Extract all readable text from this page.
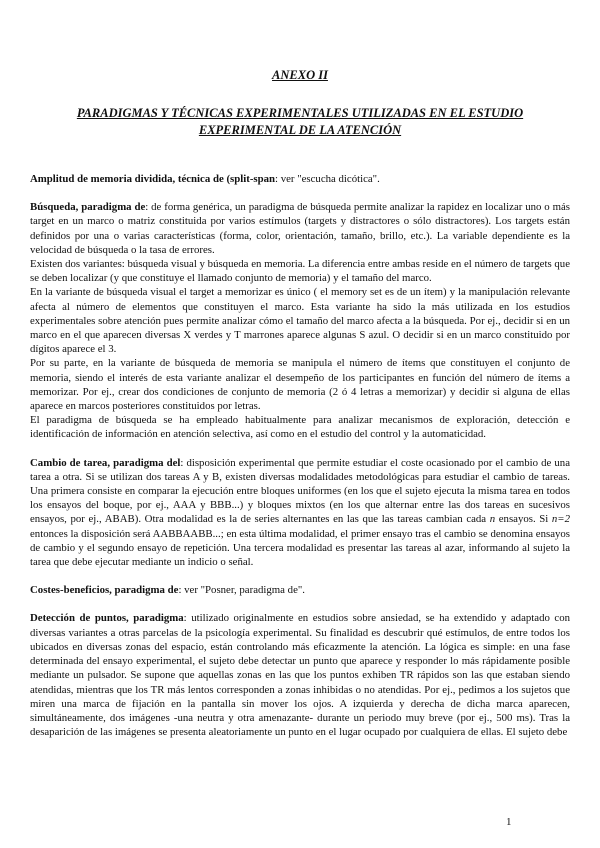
ANEXO II
PARADIGMAS Y TÉCNICAS EXPERIMENTALES UTILIZADAS EN EL ESTUDIO EXPERIMENTAL DE LA ATENCIÓN

Amplitud de memoria dividida, técnica de (split-span: ver "escucha dicótica".

Búsqueda, paradigma de: de forma genérica, un paradigma de búsqueda permite analizar la rapidez en localizar uno o más target en un marco o matriz constituida por varios estímulos (targets y distractores o sólo distractores). Los targets están definidos por una o varias características (forma, color, orientación, tamaño, brillo, etc.). La variable dependiente es la velocidad de búsqueda o la tasa de errores.

Existen dos variantes: búsqueda visual y búsqueda en memoria. La diferencia entre ambas reside en el número de targets que se deben localizar (y que constituye el llamado conjunto de memoria) y el tamaño del marco.

En la variante de búsqueda visual el target a memorizar es único ( el memory set es de un ítem) y la manipulación relevante afecta al número de elementos que constituyen el marco. Esta variante ha sido la más utilizada en los estudios experimentales sobre atención pues permite analizar cómo el tamaño del marco afecta a la búsqueda. Por ej., decidir si en un marco en el que aparecen diversas X verdes y T marrones aparece algunas S azul. O decidir si en un marco constituido por dígitos aparece el 3.

Por su parte, en la variante de búsqueda de memoria se manipula el número de ítems que constituyen el conjunto de memoria, siendo el interés de esta variante analizar el desempeño de los participantes en función del número de ítems a memorizar. Por ej., crear dos condiciones de conjunto de memoria (2 ó 4 letras a memorizar) y decidir si alguna de ellas aparece en marcos posteriores constituidos por letras.

El paradigma de búsqueda se ha empleado habitualmente para analizar mecanismos de exploración, detección e identificación de información en atención selectiva, así como en el estudio del control y la automaticidad.

Cambio de tarea, paradigma del: disposición experimental que permite estudiar el coste ocasionado por el cambio de una tarea a otra. Si se utilizan dos tareas A y B, existen diversas modalidades metodológicas para estudiar el cambio de tareas. Una primera consiste en comparar la ejecución entre bloques uniformes (en los que el sujeto ejecuta la misma tarea en todos los ensayos del boque, por ej., AAA y BBB...) y bloques mixtos (en los que alternar entre las dos tareas en sucesivos ensayos, por ej., ABAB). Otra modalidad es la de series alternantes en las que las tareas cambian cada n ensayos. Si n=2 entonces la disposición será AABBAABB...; en esta última modalidad, el primer ensayo tras el cambio se denomina ensayos de cambio y el segundo ensayo de repetición. Una tercera modalidad es presentar las tareas al azar, informando al sujeto la tarea que debe ejecutar mediante un indicio o señal.

Costes-beneficios, paradigma de: ver "Posner, paradigma de".

Detección de puntos, paradigma: utilizado originalmente en estudios sobre ansiedad, se ha extendido y adaptado con diversas variantes a otras parcelas de la psicología experimental. Su finalidad es descubrir qué estímulos, de entre todos los ubicados en diversas zonas del espacio, están controlando más eficazmente la atención. La lógica es simple: en una fase determinada del ensayo experimental, el sujeto debe detectar un punto que aparece y responder lo más rápidamente posible mediante un pulsador. Se supone que aquellas zonas en las que los puntos exhiben TR rápidos son las que estaban siendo atendidas, mientras que los TR más lentos corresponden a zonas inhibidas o no atendidas. Por ej., pedimos a los sujetos que miren una marca de fijación en la pantalla sin mover los ojos. A izquierda y derecha de dicha marca aparecen, simultáneamente, dos imágenes -una neutra y otra amenazante- durante un periodo muy breve (por ej., 500 ms). Tras la desaparición de las imágenes se presenta aleatoriamente un punto en el lugar ocupado por cualquiera de ellas. El sujeto debe

1
